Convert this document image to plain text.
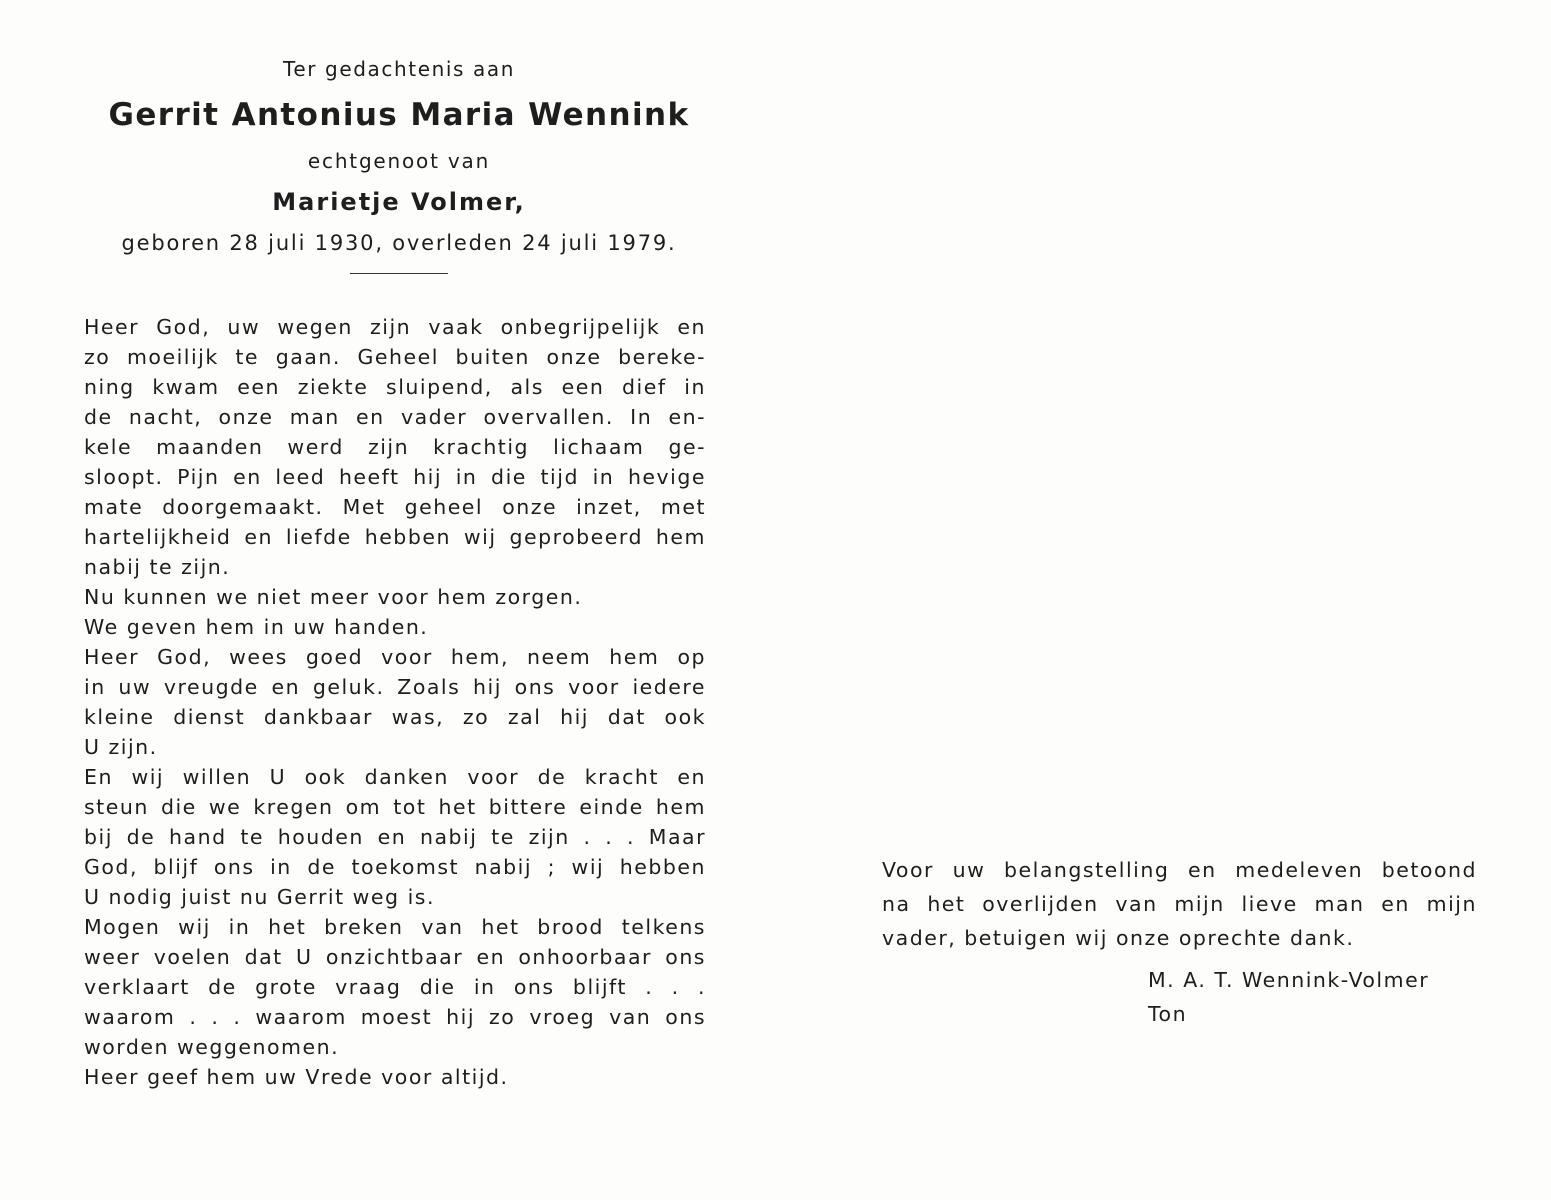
Ter gedachtenis aan

Gerrit Antonius Maria Wennink

echtgenoot van

Marietje Volmer,

geboren 28 juli 1930, overleden 24 juli 1979.

Heer God, uw wegen zijn vaak onbegrijpelijk en
zo moeilijk te gaan. Geheel buiten onze bereke-
ning kwam een ziekte sluipend, als een dief in
de nacht, onze man en vader overvallen. In en-
kele maanden werd zijn krachtig lichaam ge-
sloopt. Pijn en leed heeft hij in die tijd in hevige
mate doorgemaakt. Met geheel onze inzet, met
hartelijkheid en liefde hebben wij geprobeerd hem
nabij te zijn.
Nu kunnen we niet meer voor hem zorgen.
We geven hem in uw handen.
Heer God, wees goed voor hem, neem hem op
in uw vreugde en geluk. Zoals hij ons voor iedere
kleine dienst dankbaar was, zo zal hij dat ook
U zijn.
En wij willen U ook danken voor de kracht en
steun die we kregen om tot het bittere einde hem
bij de hand te houden en nabij te zijn . . . Maar
God, blijf ons in de toekomst nabij ; wij hebben
U nodig juist nu Gerrit weg is.
Mogen wij in het breken van het brood telkens
weer voelen dat U onzichtbaar en onhoorbaar ons
verklaart de grote vraag die in ons blijft . . .
waarom . . . waarom moest hij zo vroeg van ons
worden weggenomen.
Heer geef hem uw Vrede voor altijd.
Voor uw belangstelling en medeleven betoond
na het overlijden van mijn lieve man en mijn
vader, betuigen wij onze oprechte dank.
M. A. T. Wennink-Volmer
Ton
